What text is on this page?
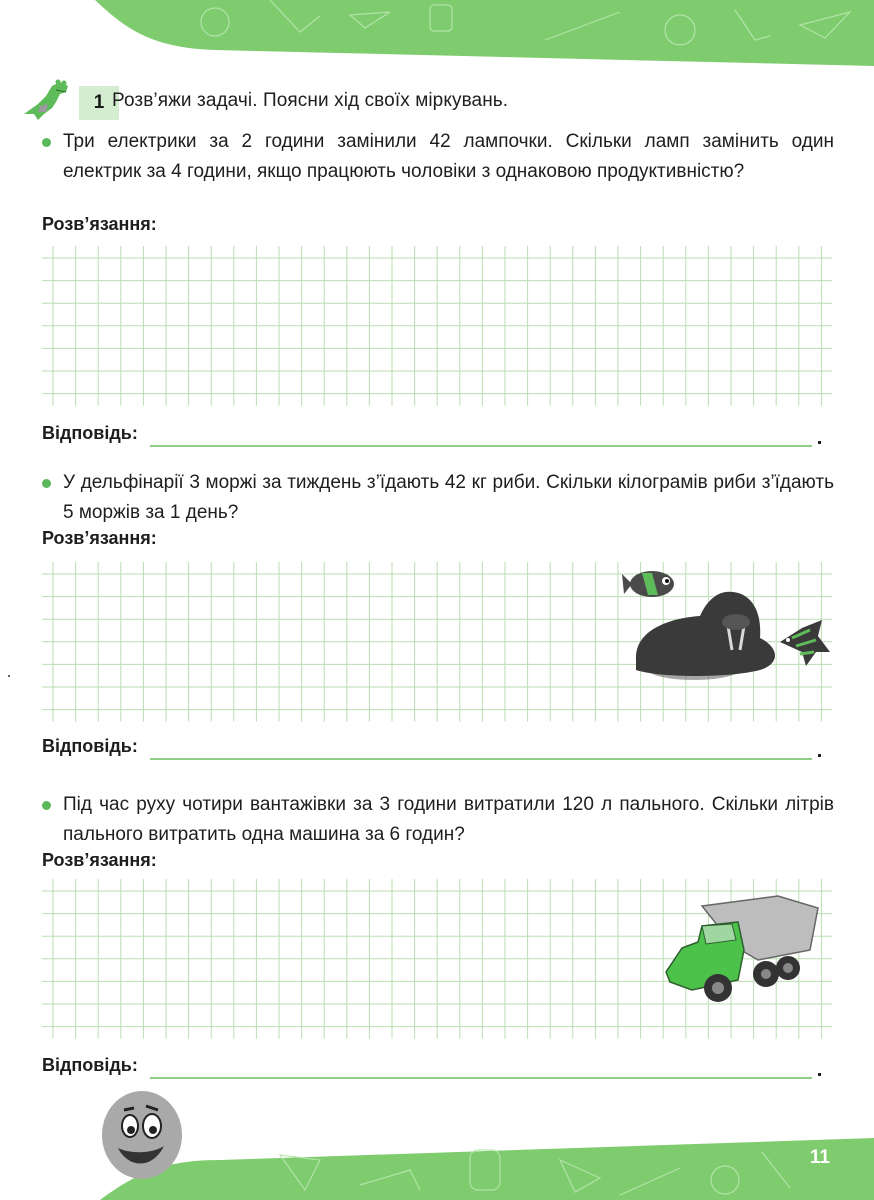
1 Розв’яжи задачі. Поясни хід своїх міркувань.
Три електрики за 2 години замінили 42 лампочки. Скільки ламп замінить один електрик за 4 години, якщо працюють чоловіки з однаковою продуктивністю?
Розв’язання:
Відповідь:
У дельфінарії 3 моржі за тиждень з’їдають 42 кг риби. Скільки кілограмів риби з’їдають 5 моржів за 1 день?
Розв’язання:
Відповідь:
Під час руху чотири вантажівки за 3 години витратили 120 л пального. Скільки літрів пального витратить одна машина за 6 годин?
Розв’язання:
Відповідь:
11
